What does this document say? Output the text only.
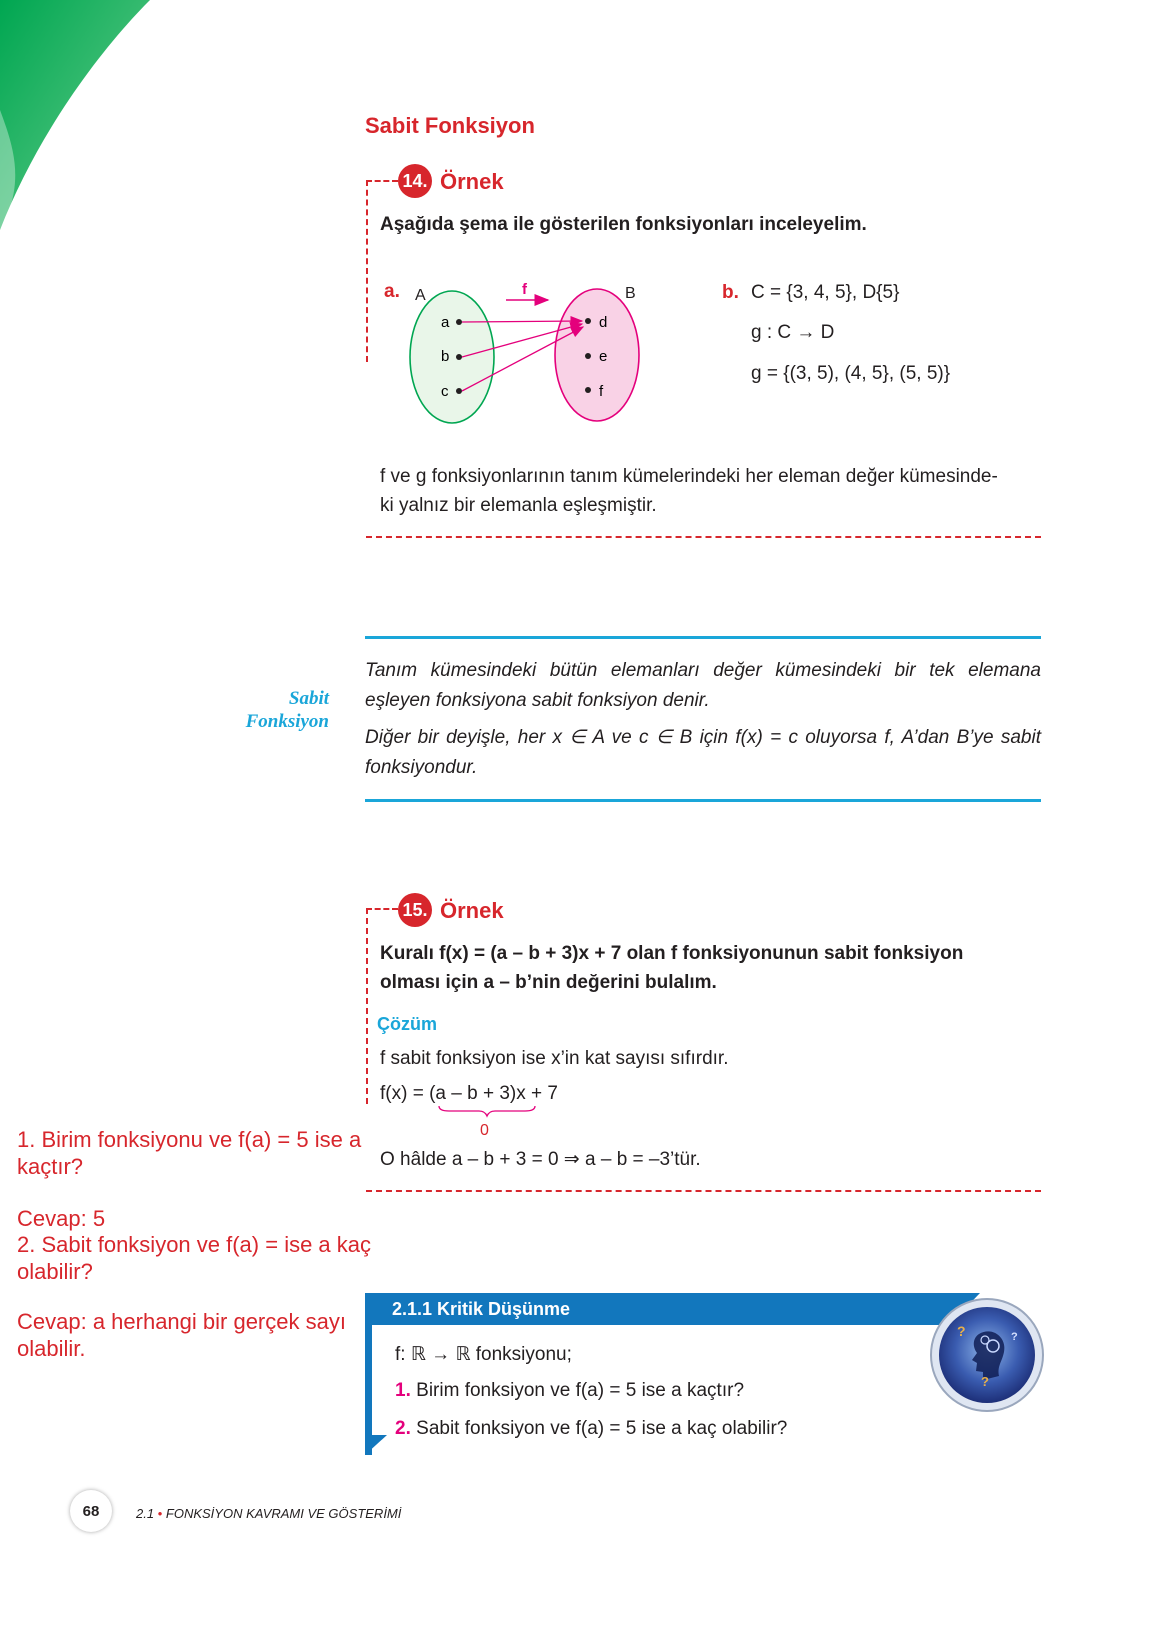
Sabit Fonksiyon
14. Örnek
Aşağıda şema ile gösterilen fonksiyonları inceleyelim.
a. A	B
f
a
b
c
d
e
f
b. C = {3, 4, 5}, D{5}
g : C → D
g = {(3, 5), (4, 5}, (5, 5)}
f ve g fonksiyonlarının tanım kümelerindeki her eleman değer kümesinde-
ki yalnız bir elemanla eşleşmiştir.
Sabit
Fonksiyon
Tanım kümesindeki bütün elemanları değer kümesindeki bir tek elemana eşleyen fonksiyona sabit fonksiyon denir.
Diğer bir deyişle, her x ∈ A ve c ∈ B için f(x) = c oluyorsa f, A’dan B’ye sabit fonksiyondur.
15. Örnek
Kuralı f(x) = (a – b + 3)x + 7 olan f fonksiyonunun sabit fonksiyon
olması için a – b’nin değerini bulalım.
Çözüm
f sabit fonksiyon ise x’in kat sayısı sıfırdır.
f(x) = (a – b + 3)x + 7
0
O hâlde a – b + 3 = 0 ⇒ a – b = –3’tür.
1. Birim fonksiyonu ve f(a) = 5 ise a kaçtır?
Cevap: 5
2. Sabit fonksiyon ve f(a) = ise a kaç olabilir?
Cevap: a herhangi bir gerçek sayı olabilir.
2.1.1 Kritik Düşünme
f: ℝ → ℝ fonksiyonu;
1. Birim fonksiyon ve f(a) = 5 ise a kaçtır?
2. Sabit fonksiyon ve f(a) = 5 ise a kaç olabilir?
?
?
?
68	2.1 • FONKSİYON KAVRAMI VE GÖSTERİMİ
